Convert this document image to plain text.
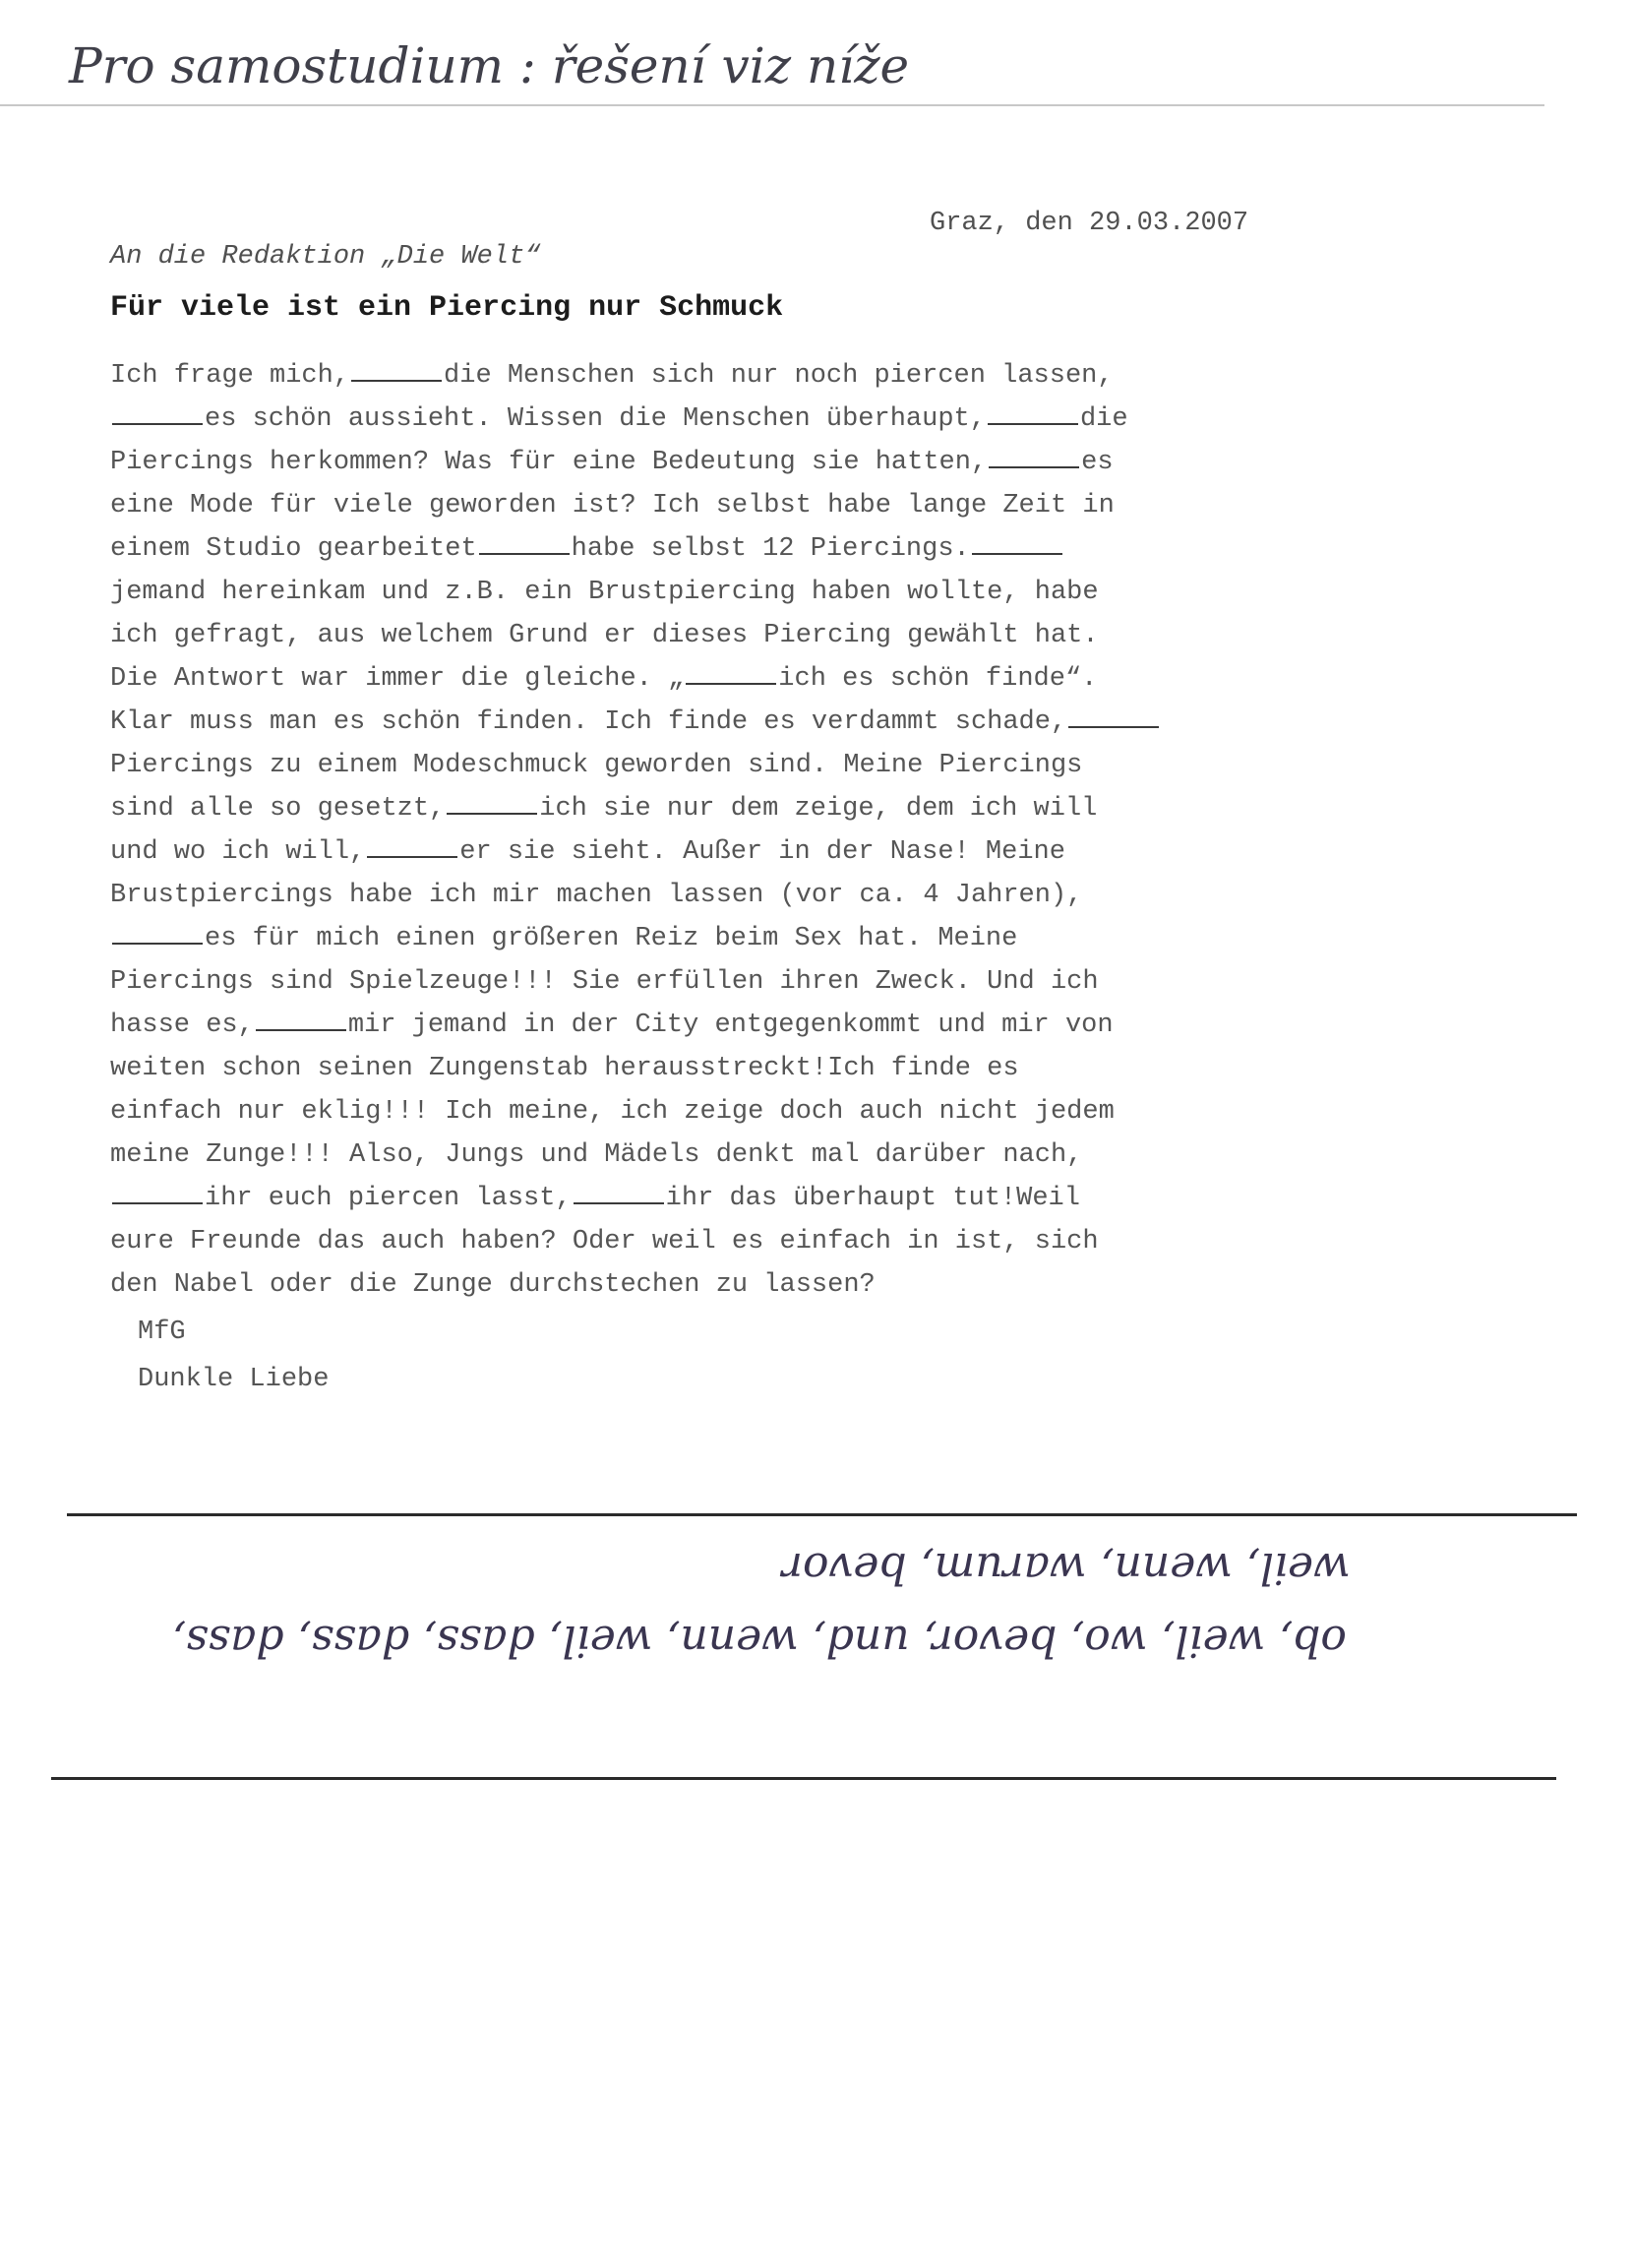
Pro samostudium : řešení viz níže
Graz, den 29.03.2007
An die Redaktion „Die Welt“
Für viele ist ein Piercing nur Schmuck
Ich frage mich,	die Menschen sich nur noch piercen lassen,
es schön aussieht. Wissen die Menschen überhaupt,	die
Piercings herkommen? Was für eine Bedeutung sie hatten,	es
eine Mode für viele geworden ist? Ich selbst habe lange Zeit in
einem Studio gearbeitet	habe selbst 12 Piercings.
jemand hereinkam und z.B. ein Brustpiercing haben wollte, habe
ich gefragt, aus welchem Grund er dieses Piercing gewählt hat.
Die Antwort war immer die gleiche. „	ich es schön finde“.
Klar muss man es schön finden. Ich finde es verdammt schade,
Piercings zu einem Modeschmuck geworden sind. Meine Piercings
sind alle so gesetzt,	ich sie nur dem zeige, dem ich will
und wo ich will,	er sie sieht. Außer in der Nase! Meine
Brustpiercings habe ich mir machen lassen (vor ca. 4 Jahren),
es für mich einen größeren Reiz beim Sex hat. Meine
Piercings sind Spielzeuge!!! Sie erfüllen ihren Zweck. Und ich
hasse es,	mir jemand in der City entgegenkommt und mir von
weiten schon seinen Zungenstab herausstreckt!Ich finde es
einfach nur eklig!!! Ich meine, ich zeige doch auch nicht jedem
meine Zunge!!! Also, Jungs und Mädels denkt mal darüber nach,
ihr euch piercen lasst,	ihr das überhaupt tut!Weil
eure Freunde das auch haben? Oder weil es einfach in ist, sich
den Nabel oder die Zunge durchstechen zu lassen?
MfG
Dunkle Liebe
weil, wenn, warum, bevor
ob, weil, wo, bevor, und, wenn, weil, dass, dass, dass,
